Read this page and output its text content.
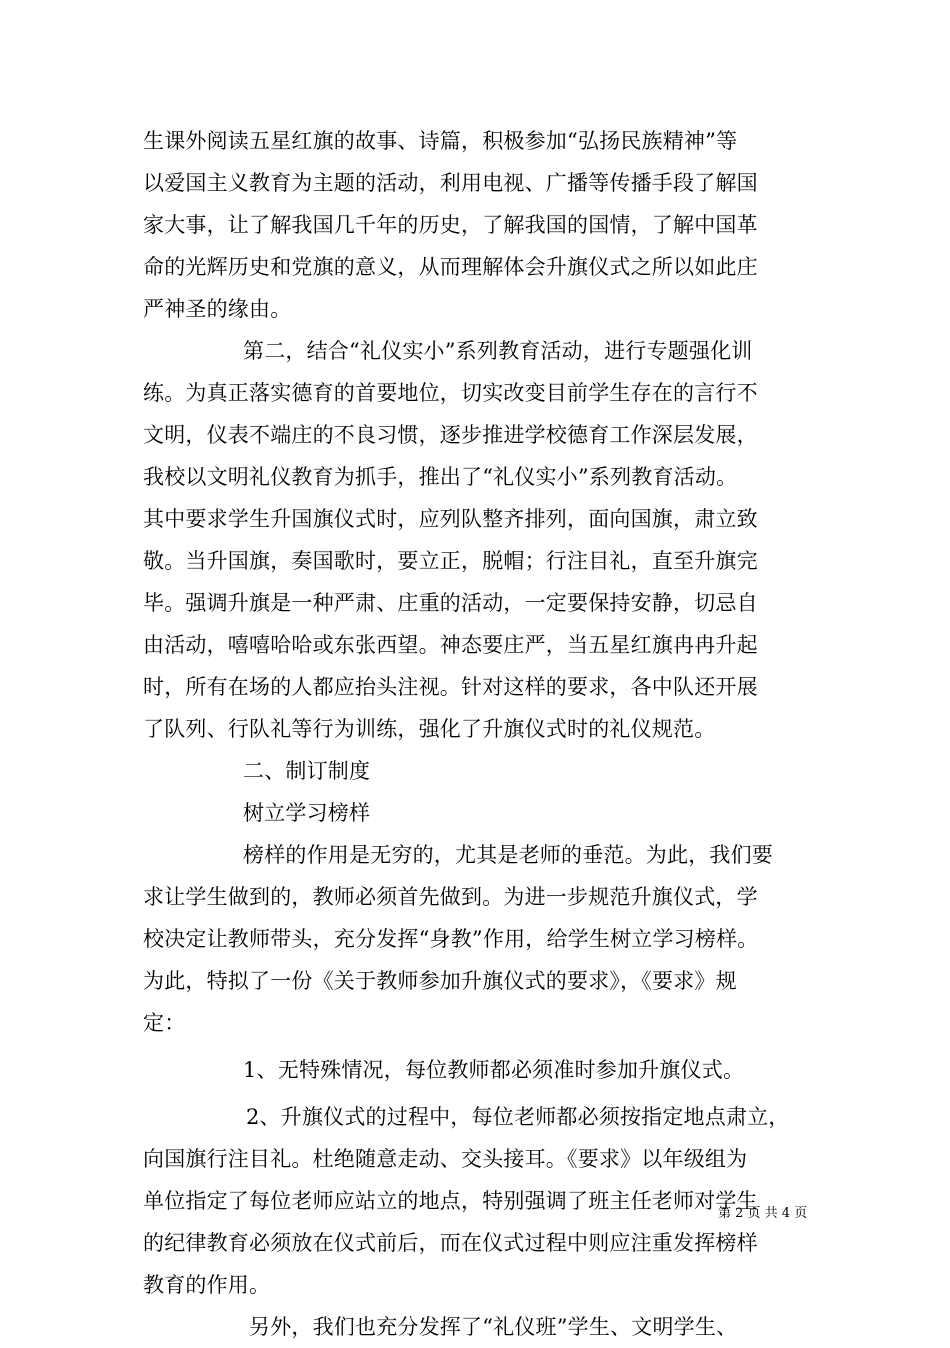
生课外阅读五星红旗的故事、诗篇，积极参加“弘扬民族精神”等
以爱国主义教育为主题的活动，利用电视、广播等传播手段了解国
家大事，让了解我国几千年的历史，了解我国的国情，了解中国革
命的光辉历史和党旗的意义，从而理解体会升旗仪式之所以如此庄
严神圣的缘由。
第二，结合“礼仪实小”系列教育活动，进行专题强化训
练。为真正落实德育的首要地位，切实改变目前学生存在的言行不
文明，仪表不端庄的不良习惯，逐步推进学校德育工作深层发展，
我校以文明礼仪教育为抓手，推出了“礼仪实小”系列教育活动。
其中要求学生升国旗仪式时，应列队整齐排列，面向国旗，肃立致
敬。当升国旗，奏国歌时，要立正，脱帽；行注目礼，直至升旗完
毕。强调升旗是一种严肃、庄重的活动，一定要保持安静，切忌自
由活动，嘻嘻哈哈或东张西望。神态要庄严，当五星红旗冉冉升起
时，所有在场的人都应抬头注视。针对这样的要求，各中队还开展
了队列、行队礼等行为训练，强化了升旗仪式时的礼仪规范。
二、制订制度
树立学习榜样
榜样的作用是无穷的，尤其是老师的垂范。为此，我们要
求让学生做到的，教师必须首先做到。为进一步规范升旗仪式，学
校决定让教师带头，充分发挥“身教”作用，给学生树立学习榜样。
为此，特拟了一份《关于教师参加升旗仪式的要求》，《要求》规
定：
1、无特殊情况，每位教师都必须准时参加升旗仪式。
2、升旗仪式的过程中，每位老师都必须按指定地点肃立，
向国旗行注目礼。杜绝随意走动、交头接耳。《要求》以年级组为
单位指定了每位老师应站立的地点，特别强调了班主任老师对学生
的纪律教育必须放在仪式前后，而在仪式过程中则应注重发挥榜样
教育的作用。
另外，我们也充分发挥了“礼仪班”学生、文明学生、
第 2 页 共 4 页
